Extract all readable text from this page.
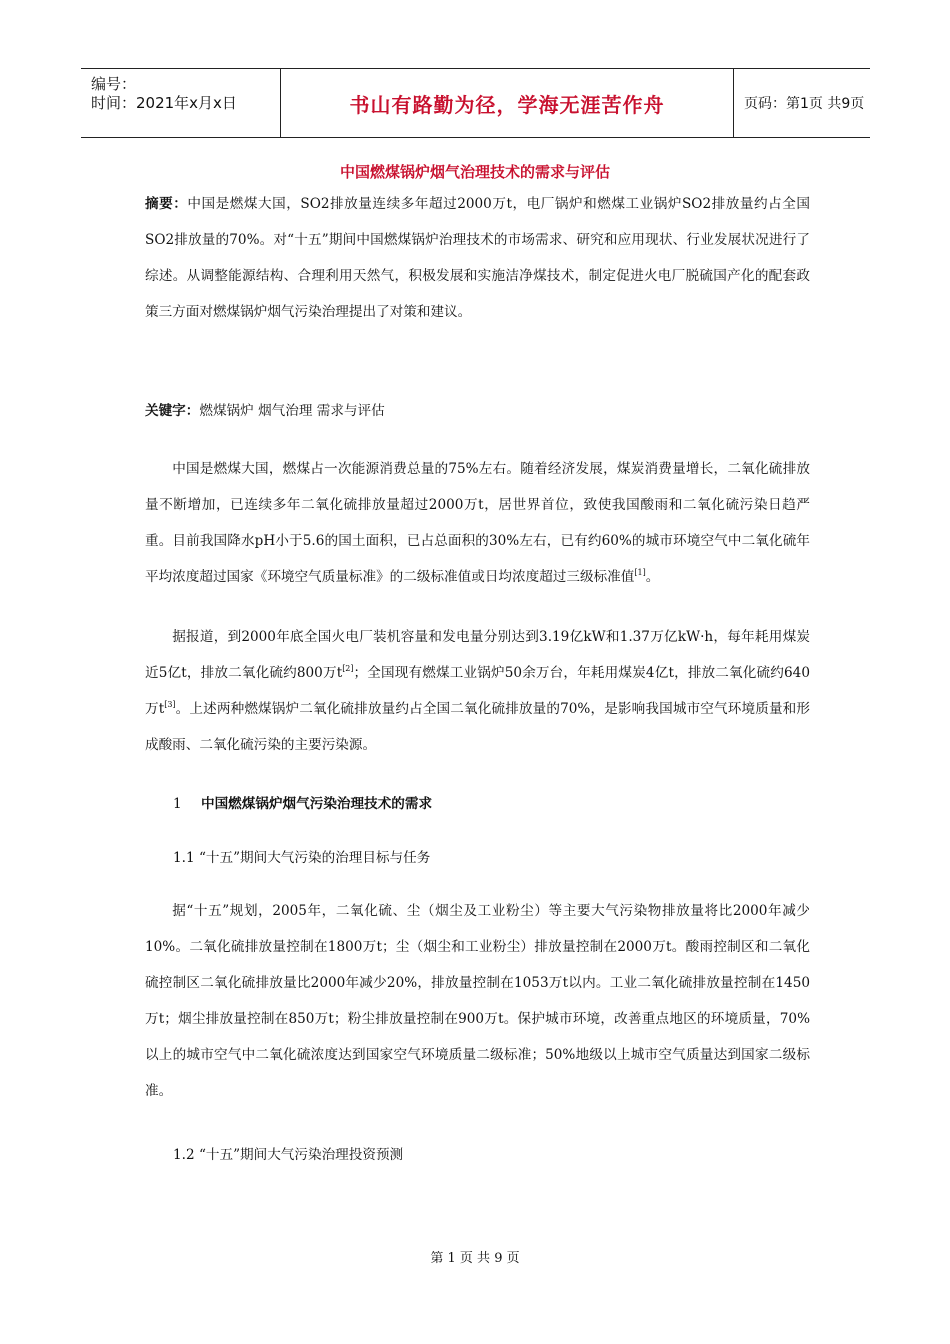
编号：
时间：2021年x月x日	书山有路勤为径，学海无涯苦作舟	页码：第1页 共9页
中国燃煤锅炉烟气治理技术的需求与评估
摘要：中国是燃煤大国，SO2排放量连续多年超过2000万t，电厂锅炉和燃煤工业锅炉SO2排放量约占全国SO2排放量的70%。对“十五”期间中国燃煤锅炉治理技术的市场需求、研究和应用现状、行业发展状况进行了综述。从调整能源结构、合理利用天然气，积极发展和实施洁净煤技术，制定促进火电厂脱硫国产化的配套政策三方面对燃煤锅炉烟气污染治理提出了对策和建议。
关键字：燃煤锅炉 烟气治理 需求与评估
中国是燃煤大国，燃煤占一次能源消费总量的75%左右。随着经济发展，煤炭消费量增长，二氧化硫排放量不断增加，已连续多年二氧化硫排放量超过2000万t，居世界首位，致使我国酸雨和二氧化硫污染日趋严重。目前我国降水pH小于5.6的国土面积，已占总面积的30%左右，已有约60%的城市环境空气中二氧化硫年平均浓度超过国家《环境空气质量标准》的二级标准值或日均浓度超过三级标准值[1]。
据报道，到2000年底全国火电厂装机容量和发电量分别达到3.19亿kW和1.37万亿kW·h，每年耗用煤炭近5亿t，排放二氧化硫约800万t[2]；全国现有燃煤工业锅炉50余万台，年耗用煤炭4亿t，排放二氧化硫约640万t[3]。上述两种燃煤锅炉二氧化硫排放量约占全国二氧化硫排放量的70%，是影响我国城市空气环境质量和形成酸雨、二氧化硫污染的主要污染源。
1 中国燃煤锅炉烟气污染治理技术的需求
1.1 “十五”期间大气污染的治理目标与任务
据“十五”规划，2005年，二氧化硫、尘（烟尘及工业粉尘）等主要大气污染物排放量将比2000年减少10%。二氧化硫排放量控制在1800万t；尘（烟尘和工业粉尘）排放量控制在2000万t。酸雨控制区和二氧化硫控制区二氧化硫排放量比2000年减少20%，排放量控制在1053万t以内。工业二氧化硫排放量控制在1450万t；烟尘排放量控制在850万t；粉尘排放量控制在900万t。保护城市环境，改善重点地区的环境质量，70%以上的城市空气中二氧化硫浓度达到国家空气环境质量二级标准；50%地级以上城市空气质量达到国家二级标准。
1.2 “十五”期间大气污染治理投资预测
第 1 页 共 9 页
